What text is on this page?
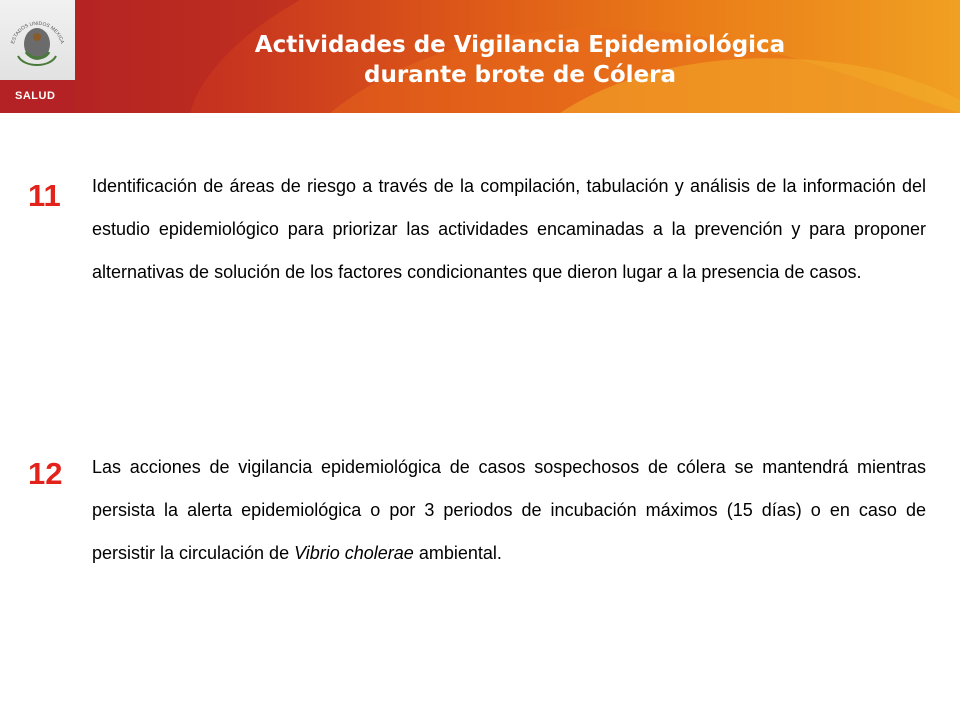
ESTADOS UNIDOS MEXICA
SALUD
Actividades de Vigilancia Epidemiológica
durante brote de Cólera
11 Identificación de áreas de riesgo a través de la compilación, tabulación y análisis de la información del estudio epidemiológico para priorizar las actividades encaminadas a la prevención y para proponer alternativas de solución de los factores condicionantes que dieron lugar a la presencia de casos.
12 Las acciones de vigilancia epidemiológica de casos sospechosos de cólera se mantendrá mientras persista la alerta epidemiológica o por 3 periodos de incubación máximos (15 días) o en caso de persistir la circulación de Vibrio cholerae ambiental.
